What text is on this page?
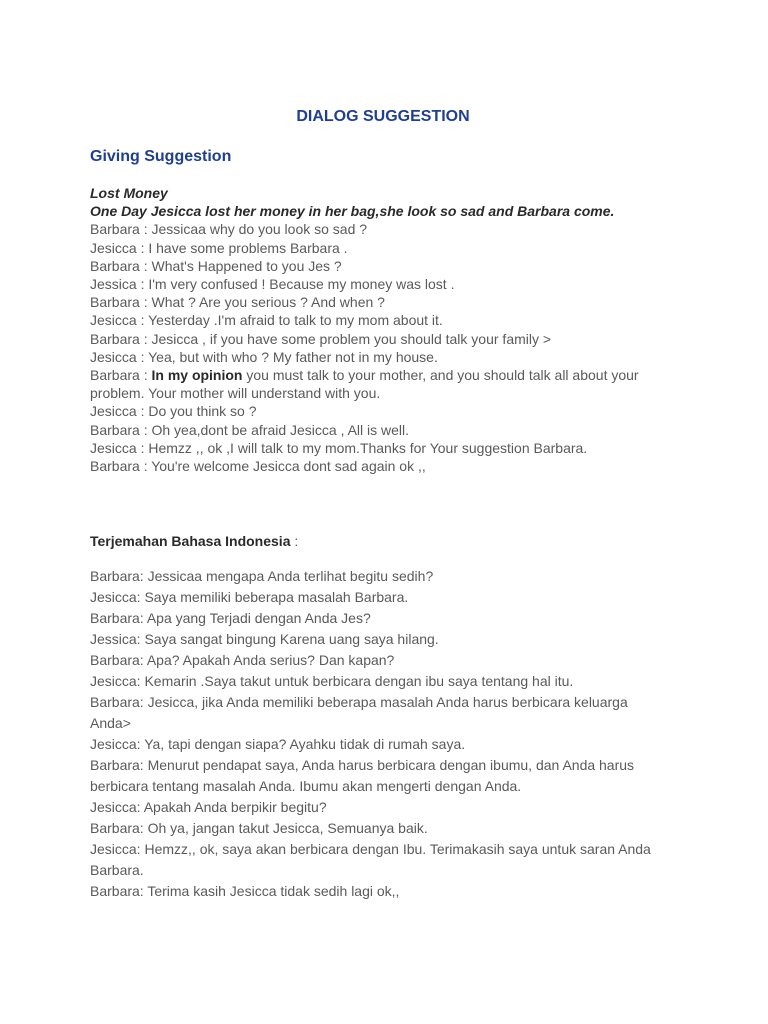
DIALOG SUGGESTION
Giving Suggestion
Lost Money
One Day Jesicca lost her money in her bag,she look so sad and Barbara come.
Barbara : Jessicaa why do you look so sad ?
Jesicca : I have some problems Barbara .
Barbara : What's Happened to you Jes ?
Jessica : I'm very confused ! Because my money was lost .
Barbara : What ? Are you serious ? And when ?
Jesicca : Yesterday .I'm afraid to talk to my mom about it.
Barbara : Jesicca , if you have some problem you should talk your family >
Jesicca : Yea, but with who ? My father not in my house.
Barbara : In my opinion you must talk to your mother, and you should talk all about your problem. Your mother will understand with you.
Jesicca : Do you think so ?
Barbara : Oh yea,dont be afraid Jesicca , All is well.
Jesicca : Hemzz ,, ok ,I will talk to my mom.Thanks for Your suggestion Barbara.
Barbara : You're welcome Jesicca dont sad again ok ,,
Terjemahan Bahasa Indonesia :
Barbara: Jessicaa mengapa Anda terlihat begitu sedih?
Jesicca: Saya memiliki beberapa masalah Barbara.
Barbara: Apa yang Terjadi dengan Anda Jes?
Jessica: Saya sangat bingung Karena uang saya hilang.
Barbara: Apa? Apakah Anda serius? Dan kapan?
Jesicca: Kemarin .Saya takut untuk berbicara dengan ibu saya tentang hal itu.
Barbara: Jesicca, jika Anda memiliki beberapa masalah Anda harus berbicara keluarga Anda>
Jesicca: Ya, tapi dengan siapa? Ayahku tidak di rumah saya.
Barbara: Menurut pendapat saya, Anda harus berbicara dengan ibumu, dan Anda harus berbicara tentang masalah Anda. Ibumu akan mengerti dengan Anda.
Jesicca: Apakah Anda berpikir begitu?
Barbara: Oh ya, jangan takut Jesicca, Semuanya baik.
Jesicca: Hemzz,, ok, saya akan berbicara dengan Ibu. Terimakasih saya untuk saran Anda Barbara.
Barbara: Terima kasih Jesicca tidak sedih lagi ok,,
